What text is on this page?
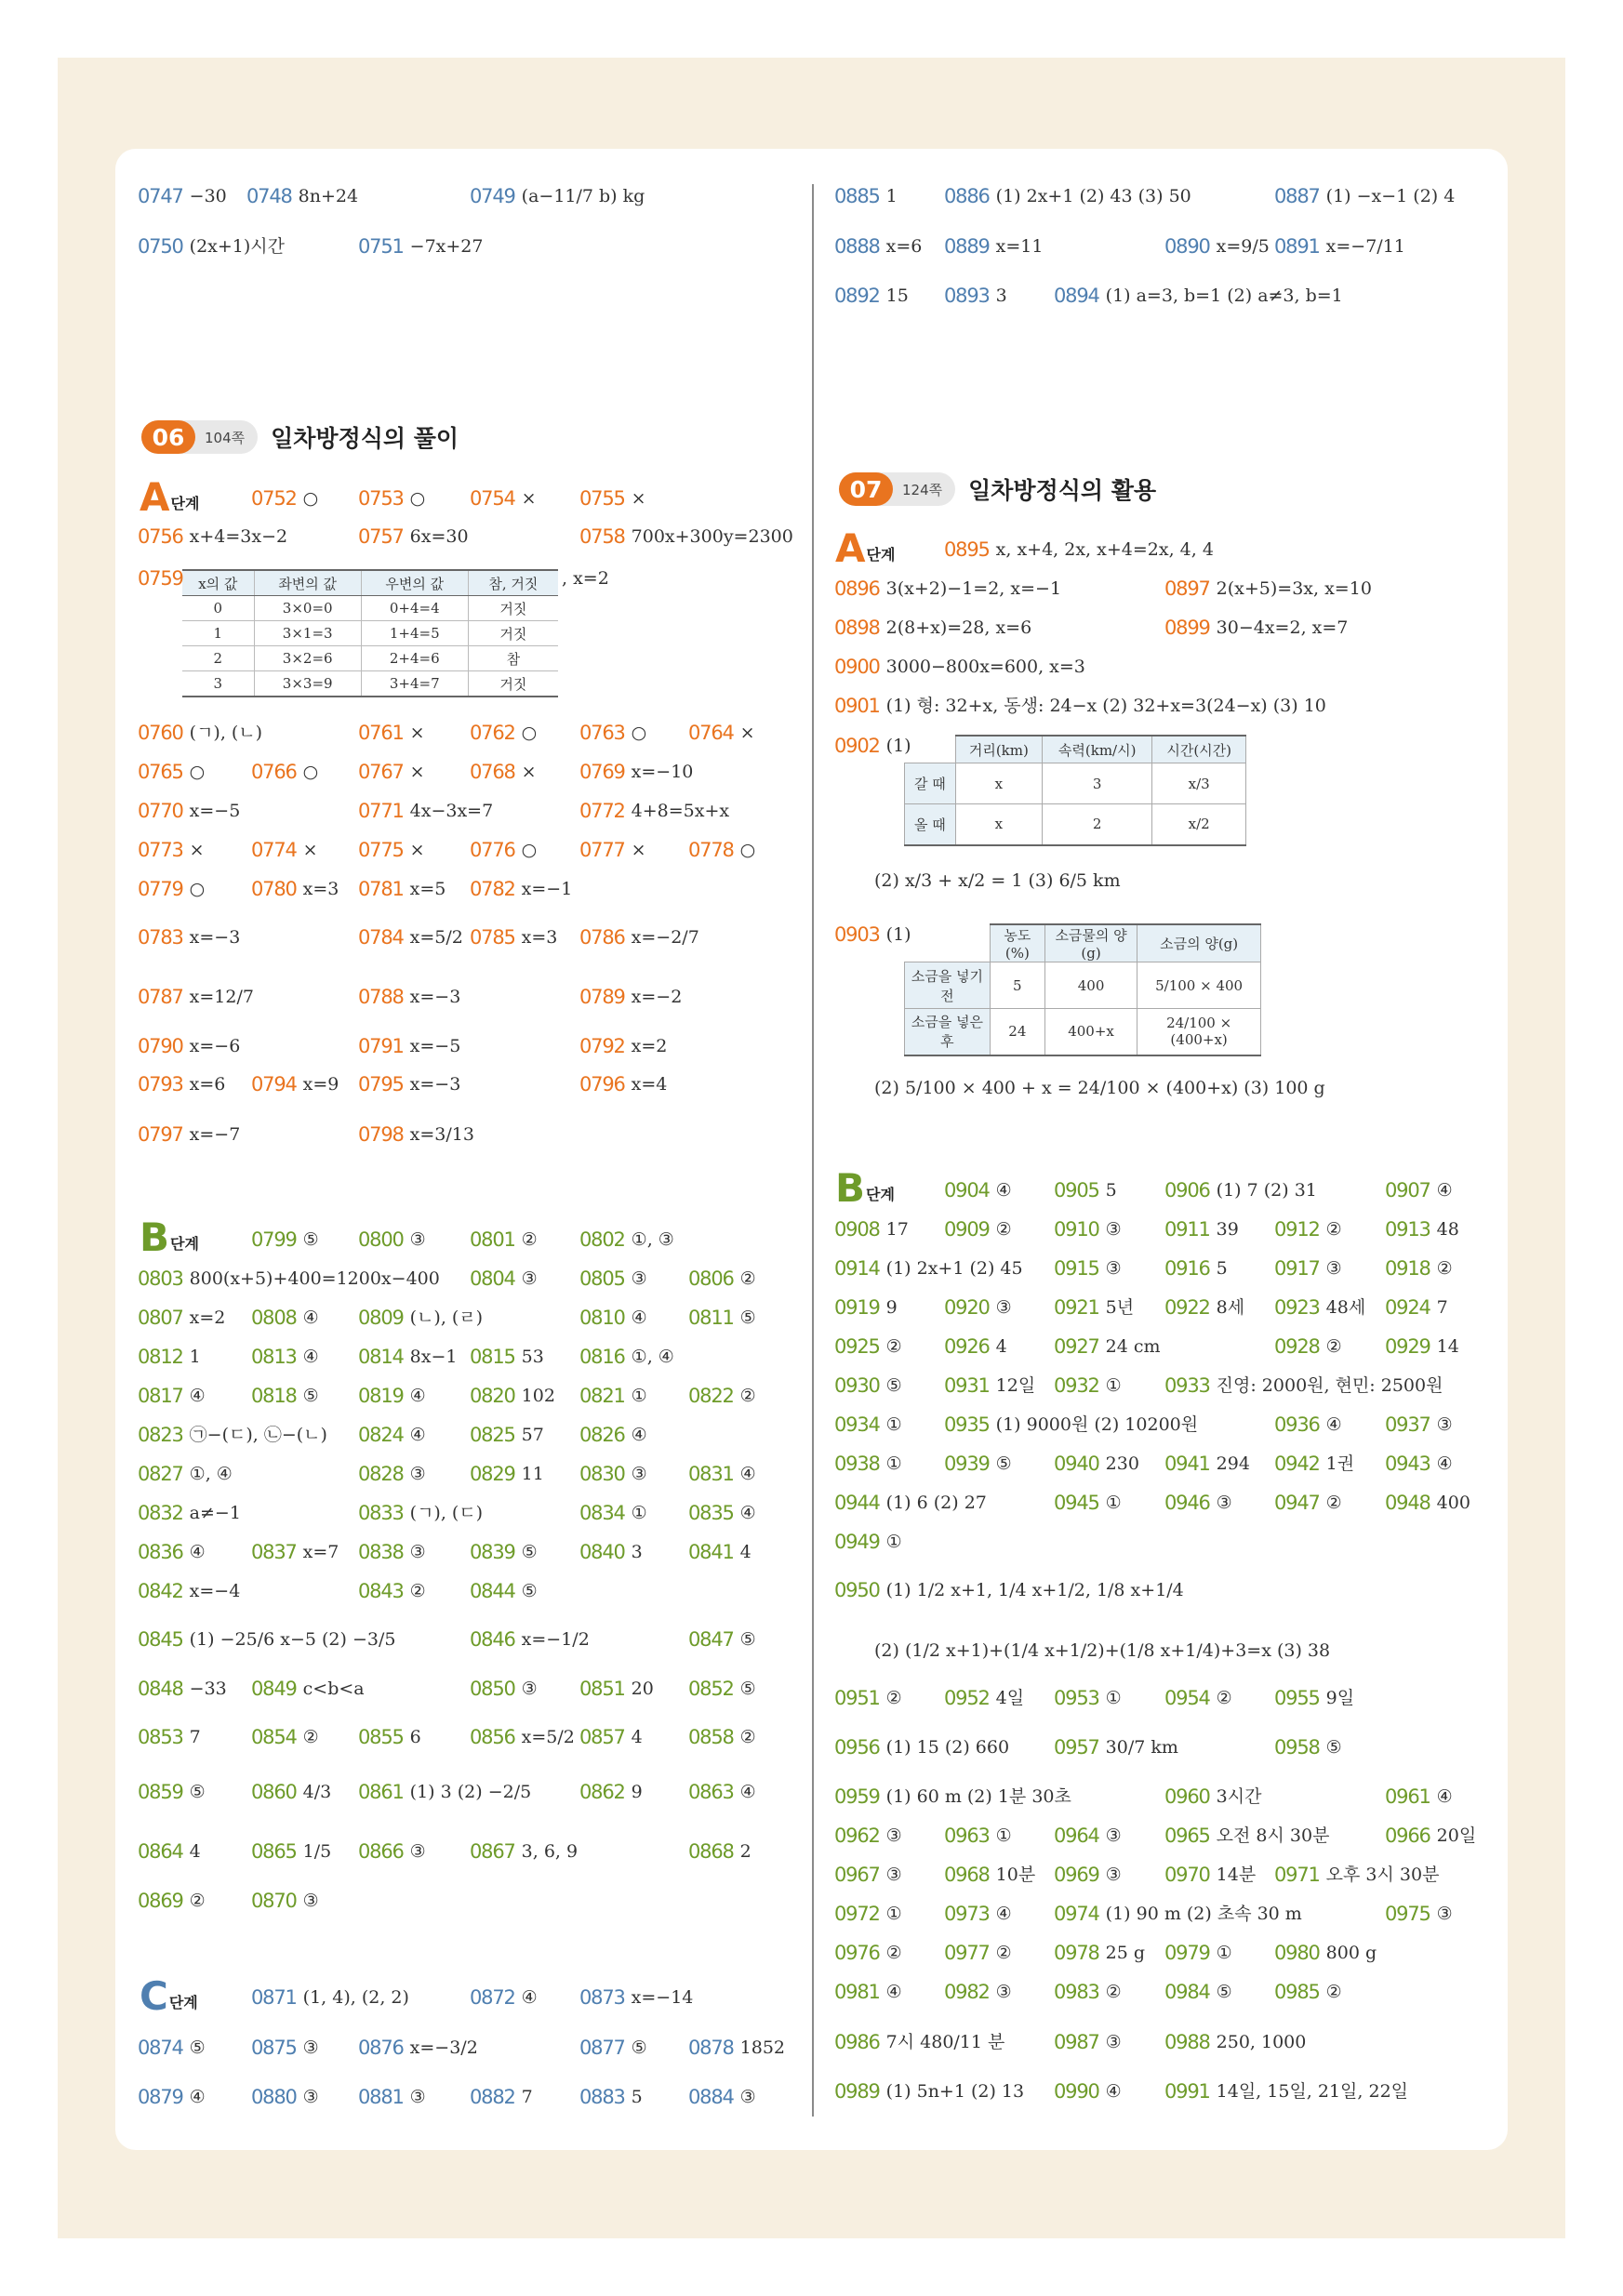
06	104쪽 일차방정식의 풀이
07	124쪽 일차방정식의 활용
A 단계
B 단계
C 단계
A 단계
B 단계
x의 값	좌변의 값	우변의 값	참, 거짓
0	3×0=0	0+4=4	거짓
1	3×1=3	1+4=5	거짓
2	3×2=6	2+4=6	참
3	3×3=9	3+4=7	거짓
, x=2
	거리(km)	속력(km/시)	시간(시간)
갈 때	x	3	x/3
올 때	x	2	x/2
(2) x/3 + x/2 = 1 (3) 6/5 km
	농도(%)	소금물의 양(g)	소금의 양(g)
소금을 넣기 전	5	400	5/100 × 400
소금을 넣은 후	24	400+x	24/100 × (400+x)
(2) 5/100 × 400 + x = 24/100 × (400+x) (3) 100 g
(2) (1/2 x+1)+(1/4 x+1/2)+(1/8 x+1/4)+3=x (3) 38
0747 −30 0748 8n+24	0749 (a−11/7 b) kg
0750 (2x+1)시간	0751 −7x+27
0752 ○ 0753 ○ 0754 × 0755 ×
0756 x+4=3x−2	0757 6x=30	0758 700x+300y=2300
0759
0760 (ㄱ), (ㄴ)	0761 × 0762 ○ 0763 ○ 0764 ×
0765 ○ 0766 ○ 0767 × 0768 × 0769 x=−10
0770 x=−5	0771 4x−3x=7	0772 4+8=5x+x
0773 × 0774 × 0775 × 0776 ○ 0777 × 0778 ○
0779 ○ 0780 x=3 0781 x=5 0782 x=−1
0783 x=−3	0784 x=5/2 0785 x=3 0786 x=−2/7
0787 x=12/7	0788 x=−3	0789 x=−2
0790 x=−6	0791 x=−5	0792 x=2
0793 x=6 0794 x=9 0795 x=−3	0796 x=4
0797 x=−7	0798 x=3/13
0799 ⑤ 0800 ③ 0801 ② 0802 ①, ③
0803 800(x+5)+400=1200x−400 0804 ③ 0805 ③ 0806 ②
0807 x=2 0808 ④ 0809 (ㄴ), (ㄹ)	0810 ④ 0811 ⑤
0812 1	0813 ④ 0814 8x−1 0815 53 0816 ①, ④
0817 ④ 0818 ⑤ 0819 ④ 0820 102 0821 ① 0822 ②
0823 ㉠−(ㄷ), ㉡−(ㄴ) 0824 ④ 0825 57 0826 ④
0827 ①, ④	0828 ③ 0829 11 0830 ③ 0831 ④
0832 a≠−1	0833 (ㄱ), (ㄷ)	0834 ① 0835 ④
0836 ④ 0837 x=7 0838 ③ 0839 ⑤ 0840 3 0841 4
0842 x=−4	0843 ② 0844 ⑤
0845 (1) −25/6 x−5 (2) −3/5	0846 x=−1/2	0847 ⑤
0848 −33 0849 c<b<a	0850 ③ 0851 20 0852 ⑤
0853 7	0854 ② 0855 6 0856 x=5/2 0857 4 0858 ②
0859 ⑤ 0860 4/3 0861 (1) 3 (2) −2/5 0862 9 0863 ④
0864 4	0865 1/5 0866 ③ 0867 3, 6, 9	0868 2
0869 ② 0870 ③
0871 (1, 4), (2, 2)	0872 ④ 0873 x=−14
0874 ⑤ 0875 ③ 0876 x=−3/2	0877 ⑤ 0878 1852
0879 ④ 0880 ③ 0881 ③ 0882 7 0883 5 0884 ③
0885 1 0886 (1) 2x+1 (2) 43 (3) 50	0887 (1) −x−1 (2) 4
0888 x=6 0889 x=11	0890 x=9/5 0891 x=−7/11
0892 15 0893 3 0894 (1) a=3, b=1 (2) a≠3, b=1
0895 x, x+4, 2x, x+4=2x, 4, 4
0896 3(x+2)−1=2, x=−1	0897 2(x+5)=3x, x=10
0898 2(8+x)=28, x=6	0899 30−4x=2, x=7
0900 3000−800x=600, x=3
0901 (1) 형: 32+x, 동생: 24−x (2) 32+x=3(24−x) (3) 10
0902 (1)
0903 (1)
0904 ④ 0905 5 0906 (1) 7 (2) 31	0907 ④
0908 17 0909 ② 0910 ③ 0911 39 0912 ② 0913 48
0914 (1) 2x+1 (2) 45 0915 ③ 0916 5 0917 ③ 0918 ②
0919 9 0920 ③ 0921 5년 0922 8세 0923 48세 0924 7
0925 ② 0926 4 0927 24 cm	0928 ② 0929 14
0930 ⑤ 0931 12일 0932 ① 0933 진영: 2000원, 현민: 2500원
0934 ① 0935 (1) 9000원 (2) 10200원	0936 ④ 0937 ③
0938 ① 0939 ⑤ 0940 230 0941 294 0942 1권 0943 ④
0944 (1) 6 (2) 27	0945 ① 0946 ③ 0947 ② 0948 400
0949 ①
0950 (1) 1/2 x+1, 1/4 x+1/2, 1/8 x+1/4
0951 ② 0952 4일 0953 ① 0954 ② 0955 9일
0956 (1) 15 (2) 660 0957 30/7 km	0958 ⑤
0959 (1) 60 m (2) 1분 30초	0960 3시간	0961 ④
0962 ③ 0963 ① 0964 ③ 0965 오전 8시 30분	0966 20일
0967 ③ 0968 10분 0969 ③ 0970 14분 0971 오후 3시 30분
0972 ① 0973 ④ 0974 (1) 90 m (2) 초속 30 m	0975 ③
0976 ② 0977 ② 0978 25 g 0979 ① 0980 800 g
0981 ④ 0982 ③ 0983 ② 0984 ⑤ 0985 ②
0986 7시 480/11 분	0987 ③ 0988 250, 1000
0989 (1) 5n+1 (2) 13 0990 ④ 0991 14일, 15일, 21일, 22일
